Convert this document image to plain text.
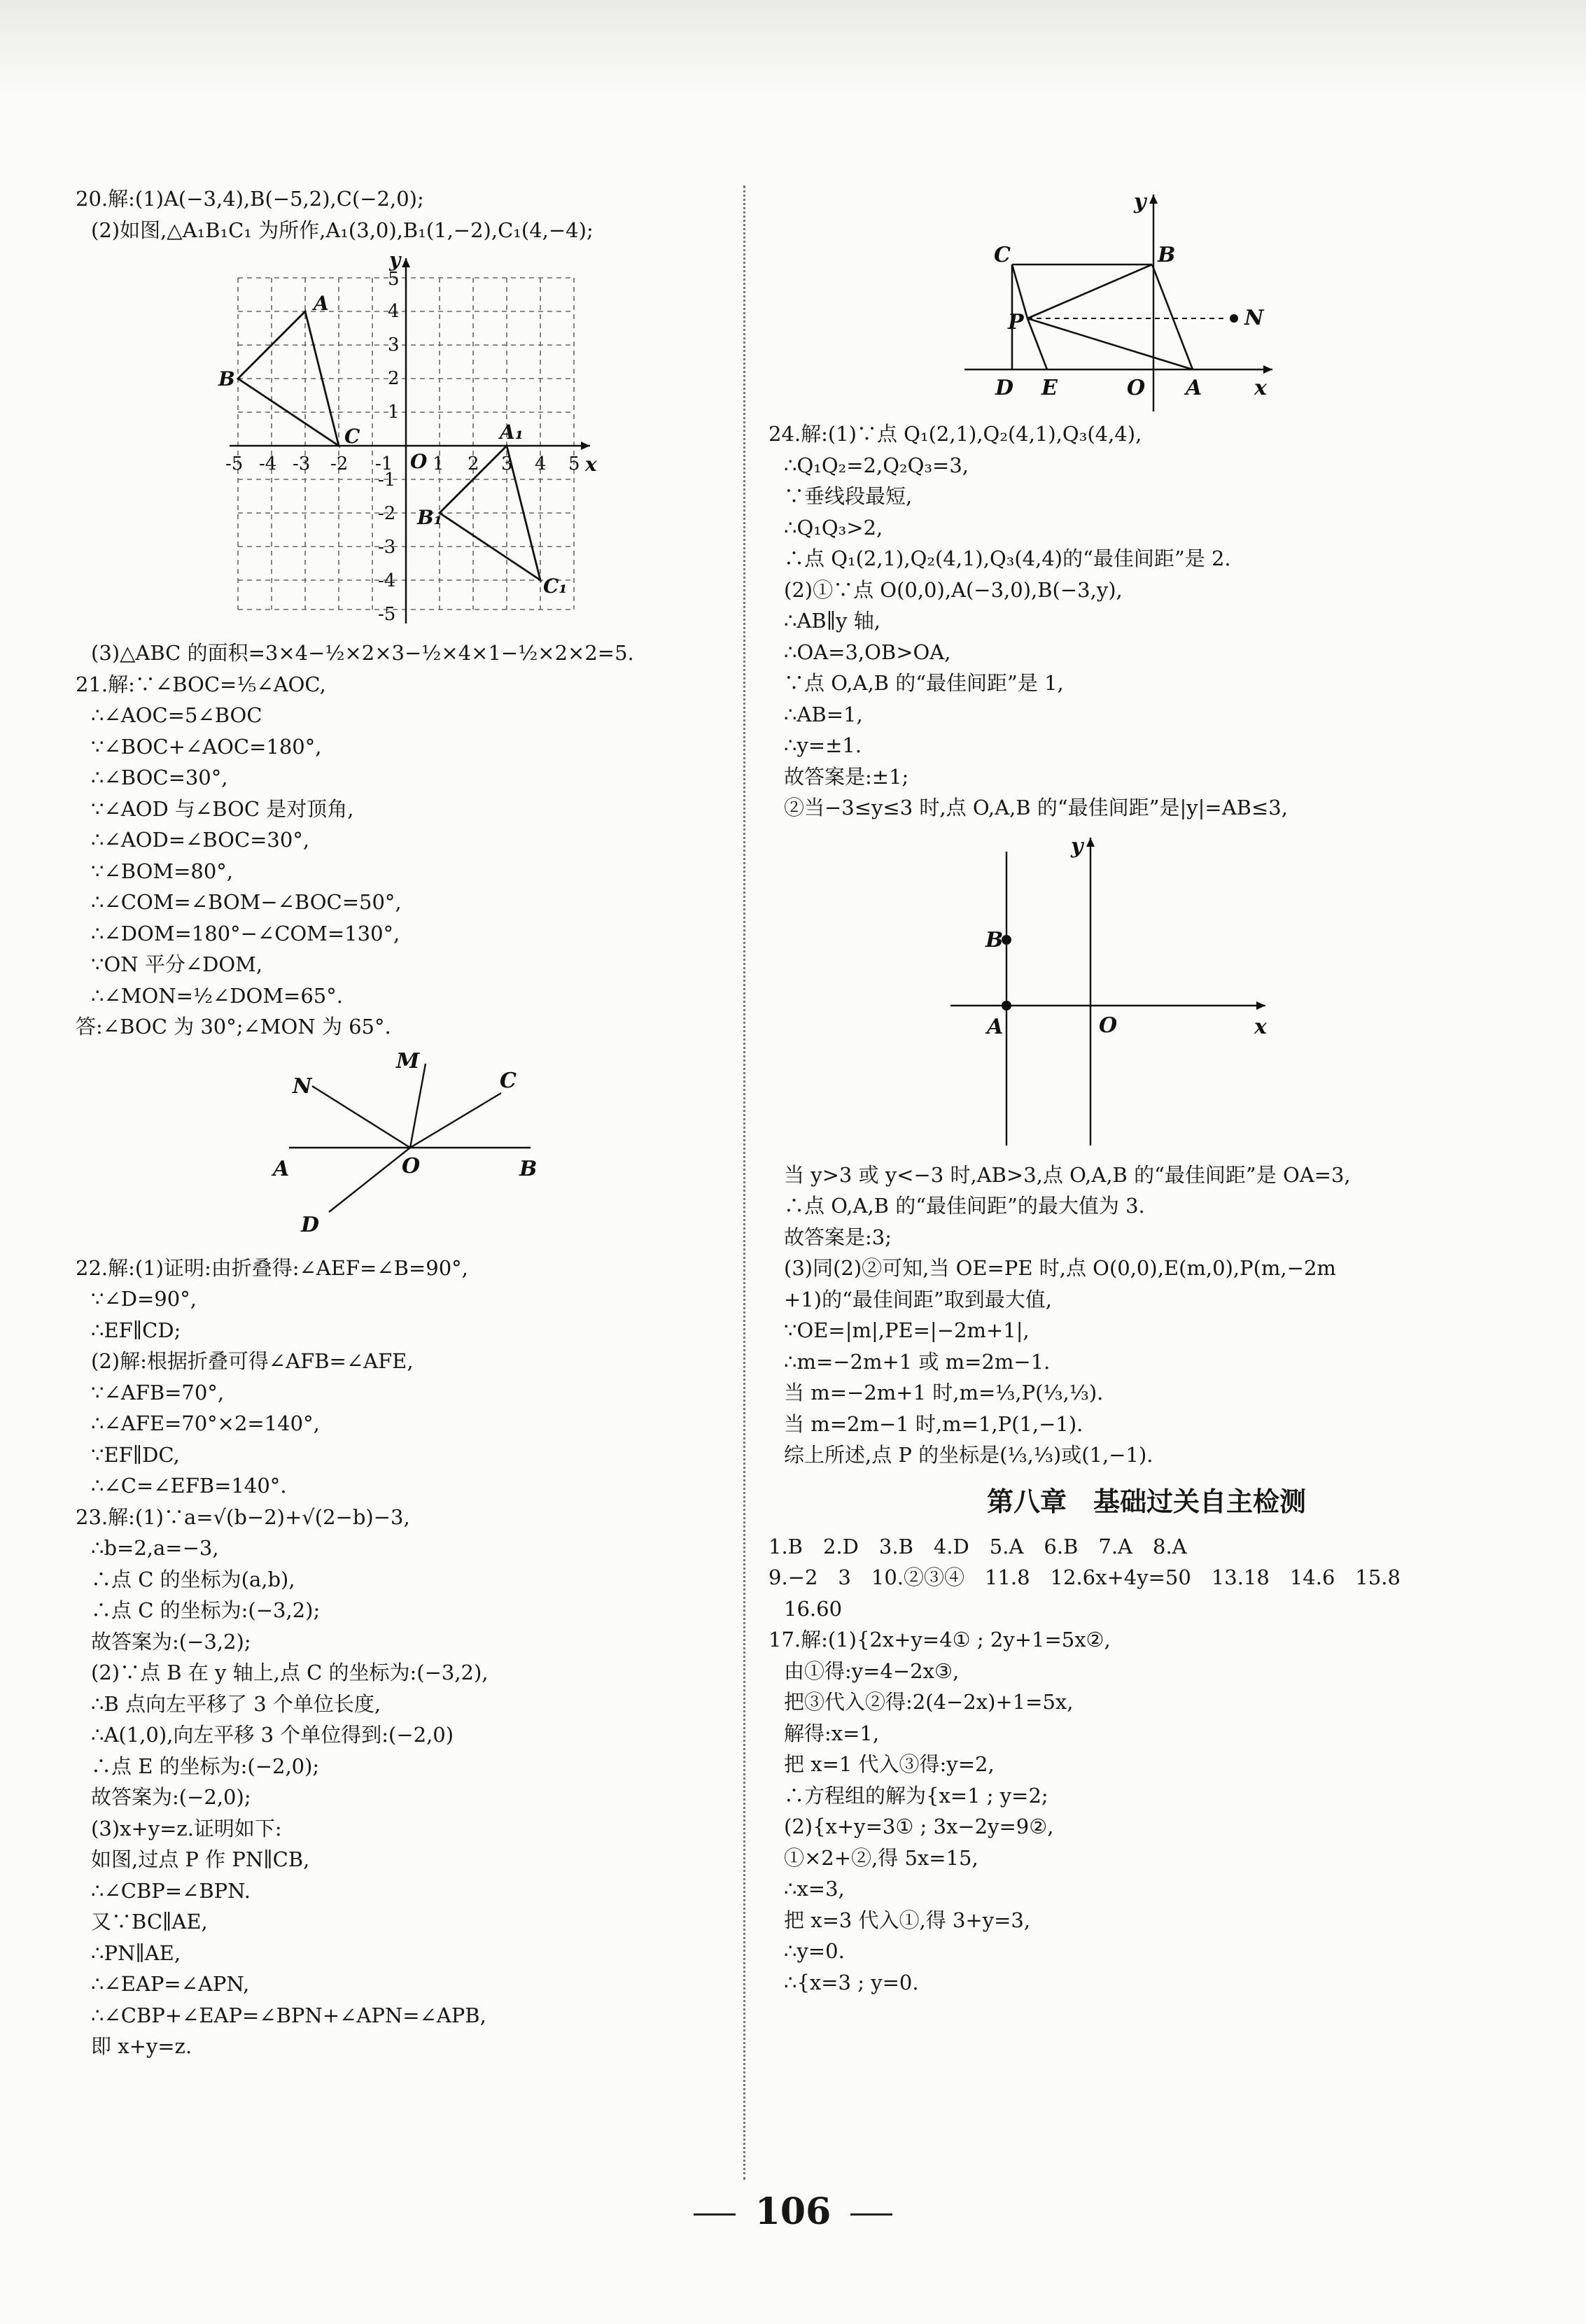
20.解:(1)A(−3,4),B(−5,2),C(−2,0);
(2)如图,△A₁B₁C₁ 为所作,A₁(3,0),B₁(1,−2),C₁(4,−4);
-5 -4 -3 -2 -1 1 2 3 4 5
1
2
3
4
5
-1
-2
-3
-4
-5
x
y
O
A
B
C	A₁
B₁
C₁
(3)△ABC 的面积=3×4−½×2×3−½×4×1−½×2×2=5.
21.解:∵∠BOC=⅕∠AOC,
∴∠AOC=5∠BOC
∵∠BOC+∠AOC=180°,
∴∠BOC=30°,
∵∠AOD 与∠BOC 是对顶角,
∴∠AOD=∠BOC=30°,
∵∠BOM=80°,
∴∠COM=∠BOM−∠BOC=50°,
∴∠DOM=180°−∠COM=130°,
∵ON 平分∠DOM,
∴∠MON=½∠DOM=65°.
答:∠BOC 为 30°;∠MON 为 65°.
M
N	C
A	O	B
D
22.解:(1)证明:由折叠得:∠AEF=∠B=90°,
∵∠D=90°,
∴EF∥CD;
(2)解:根据折叠可得∠AFB=∠AFE,
∵∠AFB=70°,
∴∠AFE=70°×2=140°,
∵EF∥DC,
∴∠C=∠EFB=140°.
23.解:(1)∵a=√(b−2)+√(2−b)−3,
∴b=2,a=−3,
∴点 C 的坐标为(a,b),
∴点 C 的坐标为:(−3,2);
故答案为:(−3,2);
(2)∵点 B 在 y 轴上,点 C 的坐标为:(−3,2),
∴B 点向左平移了 3 个单位长度,
∴A(1,0),向左平移 3 个单位得到:(−2,0)
∴点 E 的坐标为:(−2,0);
故答案为:(−2,0);
(3)x+y=z.证明如下:
如图,过点 P 作 PN∥CB,
∴∠CBP=∠BPN.
又∵BC∥AE,
∴PN∥AE,
∴∠EAP=∠APN,
∴∠CBP+∠EAP=∠BPN+∠APN=∠APB,
即 x+y=z.
y
C	B
P	N
D E	O A x
24.解:(1)∵点 Q₁(2,1),Q₂(4,1),Q₃(4,4),
∴Q₁Q₂=2,Q₂Q₃=3,
∵垂线段最短,
∴Q₁Q₃>2,
∴点 Q₁(2,1),Q₂(4,1),Q₃(4,4)的“最佳间距”是 2.
(2)①∵点 O(0,0),A(−3,0),B(−3,y),
∴AB∥y 轴,
∴OA=3,OB>OA,
∵点 O,A,B 的“最佳间距”是 1,
∴AB=1,
∴y=±1.
故答案是:±1;
②当−3≤y≤3 时,点 O,A,B 的“最佳间距”是|y|=AB≤3,
y
B
A	O	x
当 y>3 或 y<−3 时,AB>3,点 O,A,B 的“最佳间距”是 OA=3,
∴点 O,A,B 的“最佳间距”的最大值为 3.
故答案是:3;
(3)同(2)②可知,当 OE=PE 时,点 O(0,0),E(m,0),P(m,−2m
+1)的“最佳间距”取到最大值,
∵OE=|m|,PE=|−2m+1|,
∴m=−2m+1 或 m=2m−1.
当 m=−2m+1 时,m=⅓,P(⅓,⅓).
当 m=2m−1 时,m=1,P(1,−1).
综上所述,点 P 的坐标是(⅓,⅓)或(1,−1).
第八章　基础过关自主检测
1.B　2.D　3.B　4.D　5.A　6.B　7.A　8.A
9.−2　3　10.②③④　11.8　12.6x+4y=50　13.18　14.6　15.8
16.60
17.解:(1){2x+y=4① ; 2y+1=5x②,
由①得:y=4−2x③,
把③代入②得:2(4−2x)+1=5x,
解得:x=1,
把 x=1 代入③得:y=2,
∴方程组的解为{x=1 ; y=2;
(2){x+y=3① ; 3x−2y=9②,
①×2+②,得 5x=15,
∴x=3,
把 x=3 代入①,得 3+y=3,
∴y=0.
∴{x=3 ; y=0.
106
